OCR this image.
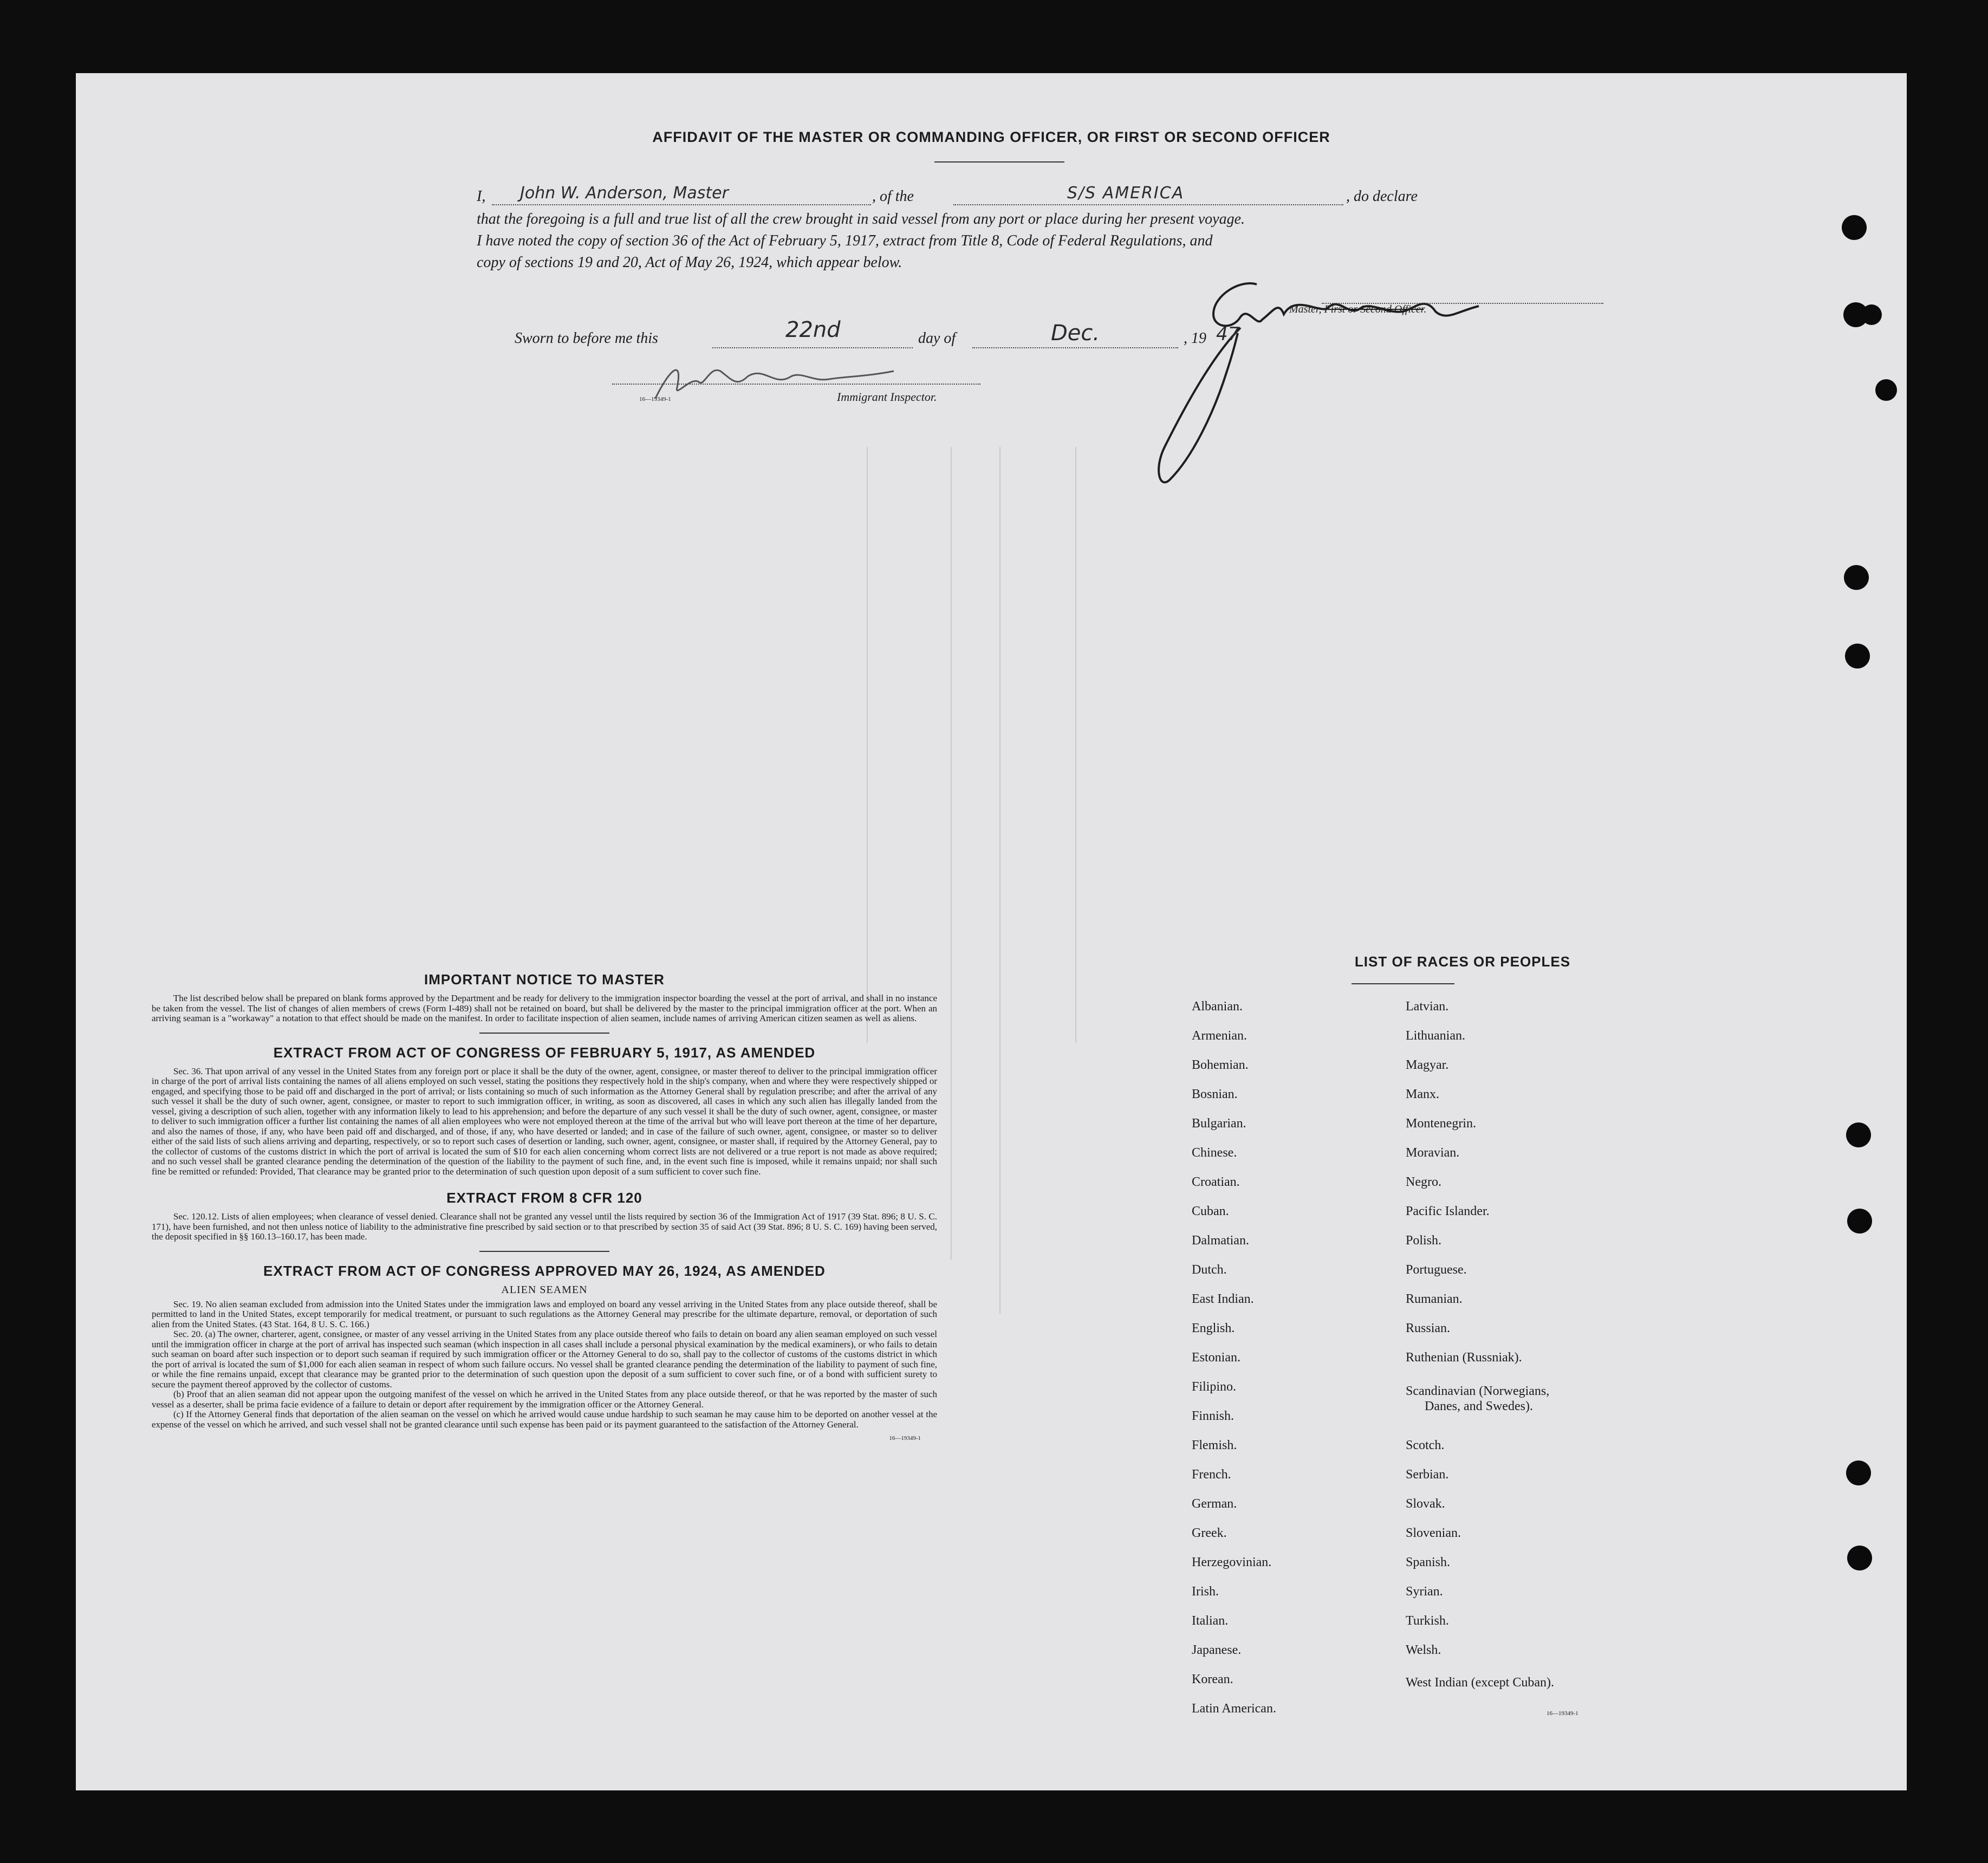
AFFIDAVIT OF THE MASTER OR COMMANDING OFFICER, OR FIRST OR SECOND OFFICER
I, John W. Anderson, Master	, of the	S/S AMERICA	, do declare
that the foregoing is a full and true list of all the crew brought in said vessel from any port or place during her present voyage.
I have noted the copy of section 36 of the Act of February 5, 1917, extract from Title 8, Code of Federal Regulations, and
copy of sections 19 and 20, Act of May 26, 1924, which appear below.
Master, First or Second Officer.
Sworn to before me this	22nd	day of	Dec.	, 19 47
16—19349-1	Immigrant Inspector.
IMPORTANT NOTICE TO MASTER
The list described below shall be prepared on blank forms approved by the Department and be ready for delivery to the immigration inspector boarding the vessel at the port of arrival, and shall in no instance be taken from the vessel. The list of changes of alien members of crews (Form I-489) shall not be retained on board, but shall be delivered by the master to the principal immigration officer at the port. When an arriving seaman is a "workaway" a notation to that effect should be made on the manifest. In order to facilitate inspection of alien seamen, include names of arriving American citizen seamen as well as aliens.
EXTRACT FROM ACT OF CONGRESS OF FEBRUARY 5, 1917, AS AMENDED
Sec. 36. That upon arrival of any vessel in the United States from any foreign port or place it shall be the duty of the owner, agent, consignee, or master thereof to deliver to the principal immigration officer in charge of the port of arrival lists containing the names of all aliens employed on such vessel, stating the positions they respectively hold in the ship's company, when and where they were respectively shipped or engaged, and specifying those to be paid off and discharged in the port of arrival; or lists containing so much of such information as the Attorney General shall by regulation prescribe; and after the arrival of any such vessel it shall be the duty of such owner, agent, consignee, or master to report to such immigration officer, in writing, as soon as discovered, all cases in which any such alien has illegally landed from the vessel, giving a description of such alien, together with any information likely to lead to his apprehension; and before the departure of any such vessel it shall be the duty of such owner, agent, consignee, or master to deliver to such immigration officer a further list containing the names of all alien employees who were not employed thereon at the time of the arrival but who will leave port thereon at the time of her departure, and also the names of those, if any, who have been paid off and discharged, and of those, if any, who have deserted or landed; and in case of the failure of such owner, agent, consignee, or master so to deliver either of the said lists of such aliens arriving and departing, respectively, or so to report such cases of desertion or landing, such owner, agent, consignee, or master shall, if required by the Attorney General, pay to the collector of customs of the customs district in which the port of arrival is located the sum of $10 for each alien concerning whom correct lists are not delivered or a true report is not made as above required; and no such vessel shall be granted clearance pending the determination of the question of the liability to the payment of such fine, and, in the event such fine is imposed, while it remains unpaid; nor shall such fine be remitted or refunded: Provided, That clearance may be granted prior to the determination of such question upon deposit of a sum sufficient to cover such fine.
EXTRACT FROM 8 CFR 120
Sec. 120.12. Lists of alien employees; when clearance of vessel denied. Clearance shall not be granted any vessel until the lists required by section 36 of the Immigration Act of 1917 (39 Stat. 896; 8 U. S. C. 171), have been furnished, and not then unless notice of liability to the administrative fine prescribed by said section or to that prescribed by section 35 of said Act (39 Stat. 896; 8 U. S. C. 169) having been served, the deposit specified in §§ 160.13–160.17, has been made.
EXTRACT FROM ACT OF CONGRESS APPROVED MAY 26, 1924, AS AMENDED
ALIEN SEAMEN
Sec. 19. No alien seaman excluded from admission into the United States under the immigration laws and employed on board any vessel arriving in the United States from any place outside thereof, shall be permitted to land in the United States, except temporarily for medical treatment, or pursuant to such regulations as the Attorney General may prescribe for the ultimate departure, removal, or deportation of such alien from the United States. (43 Stat. 164, 8 U. S. C. 166.)
Sec. 20. (a) The owner, charterer, agent, consignee, or master of any vessel arriving in the United States from any place outside thereof who fails to detain on board any alien seaman employed on such vessel until the immigration officer in charge at the port of arrival has inspected such seaman (which inspection in all cases shall include a personal physical examination by the medical examiners), or who fails to detain such seaman on board after such inspection or to deport such seaman if required by such immigration officer or the Attorney General to do so, shall pay to the collector of customs of the customs district in which the port of arrival is located the sum of $1,000 for each alien seaman in respect of whom such failure occurs. No vessel shall be granted clearance pending the determination of the liability to payment of such fine, or while the fine remains unpaid, except that clearance may be granted prior to the determination of such question upon the deposit of a sum sufficient to cover such fine, or of a bond with sufficient surety to secure the payment thereof approved by the collector of customs.
(b) Proof that an alien seaman did not appear upon the outgoing manifest of the vessel on which he arrived in the United States from any place outside thereof, or that he was reported by the master of such vessel as a deserter, shall be prima facie evidence of a failure to detain or deport after requirement by the immigration officer or the Attorney General.
(c) If the Attorney General finds that deportation of the alien seaman on the vessel on which he arrived would cause undue hardship to such seaman he may cause him to be deported on another vessel at the expense of the vessel on which he arrived, and such vessel shall not be granted clearance until such expense has been paid or its payment guaranteed to the satisfaction of the Attorney General.
16—19349-1
LIST OF RACES OR PEOPLES
Albanian.
Armenian.
Bohemian.
Bosnian.
Bulgarian.
Chinese.
Croatian.
Cuban.
Dalmatian.
Dutch.
East Indian.
English.
Estonian.
Filipino.
Finnish.
Flemish.
French.
German.
Greek.
Herzegovinian.
Irish.
Italian.
Japanese.
Korean.
Latin American.
Latvian.
Lithuanian.
Magyar.
Manx.
Montenegrin.
Moravian.
Negro.
Pacific Islander.
Polish.
Portuguese.
Rumanian.
Russian.
Ruthenian (Russniak).
Scandinavian (Norwegians,
Danes, and Swedes).
Scotch.
Serbian.
Slovak.
Slovenian.
Spanish.
Syrian.
Turkish.
Welsh.
West Indian (except Cuban).
16—19349-1
